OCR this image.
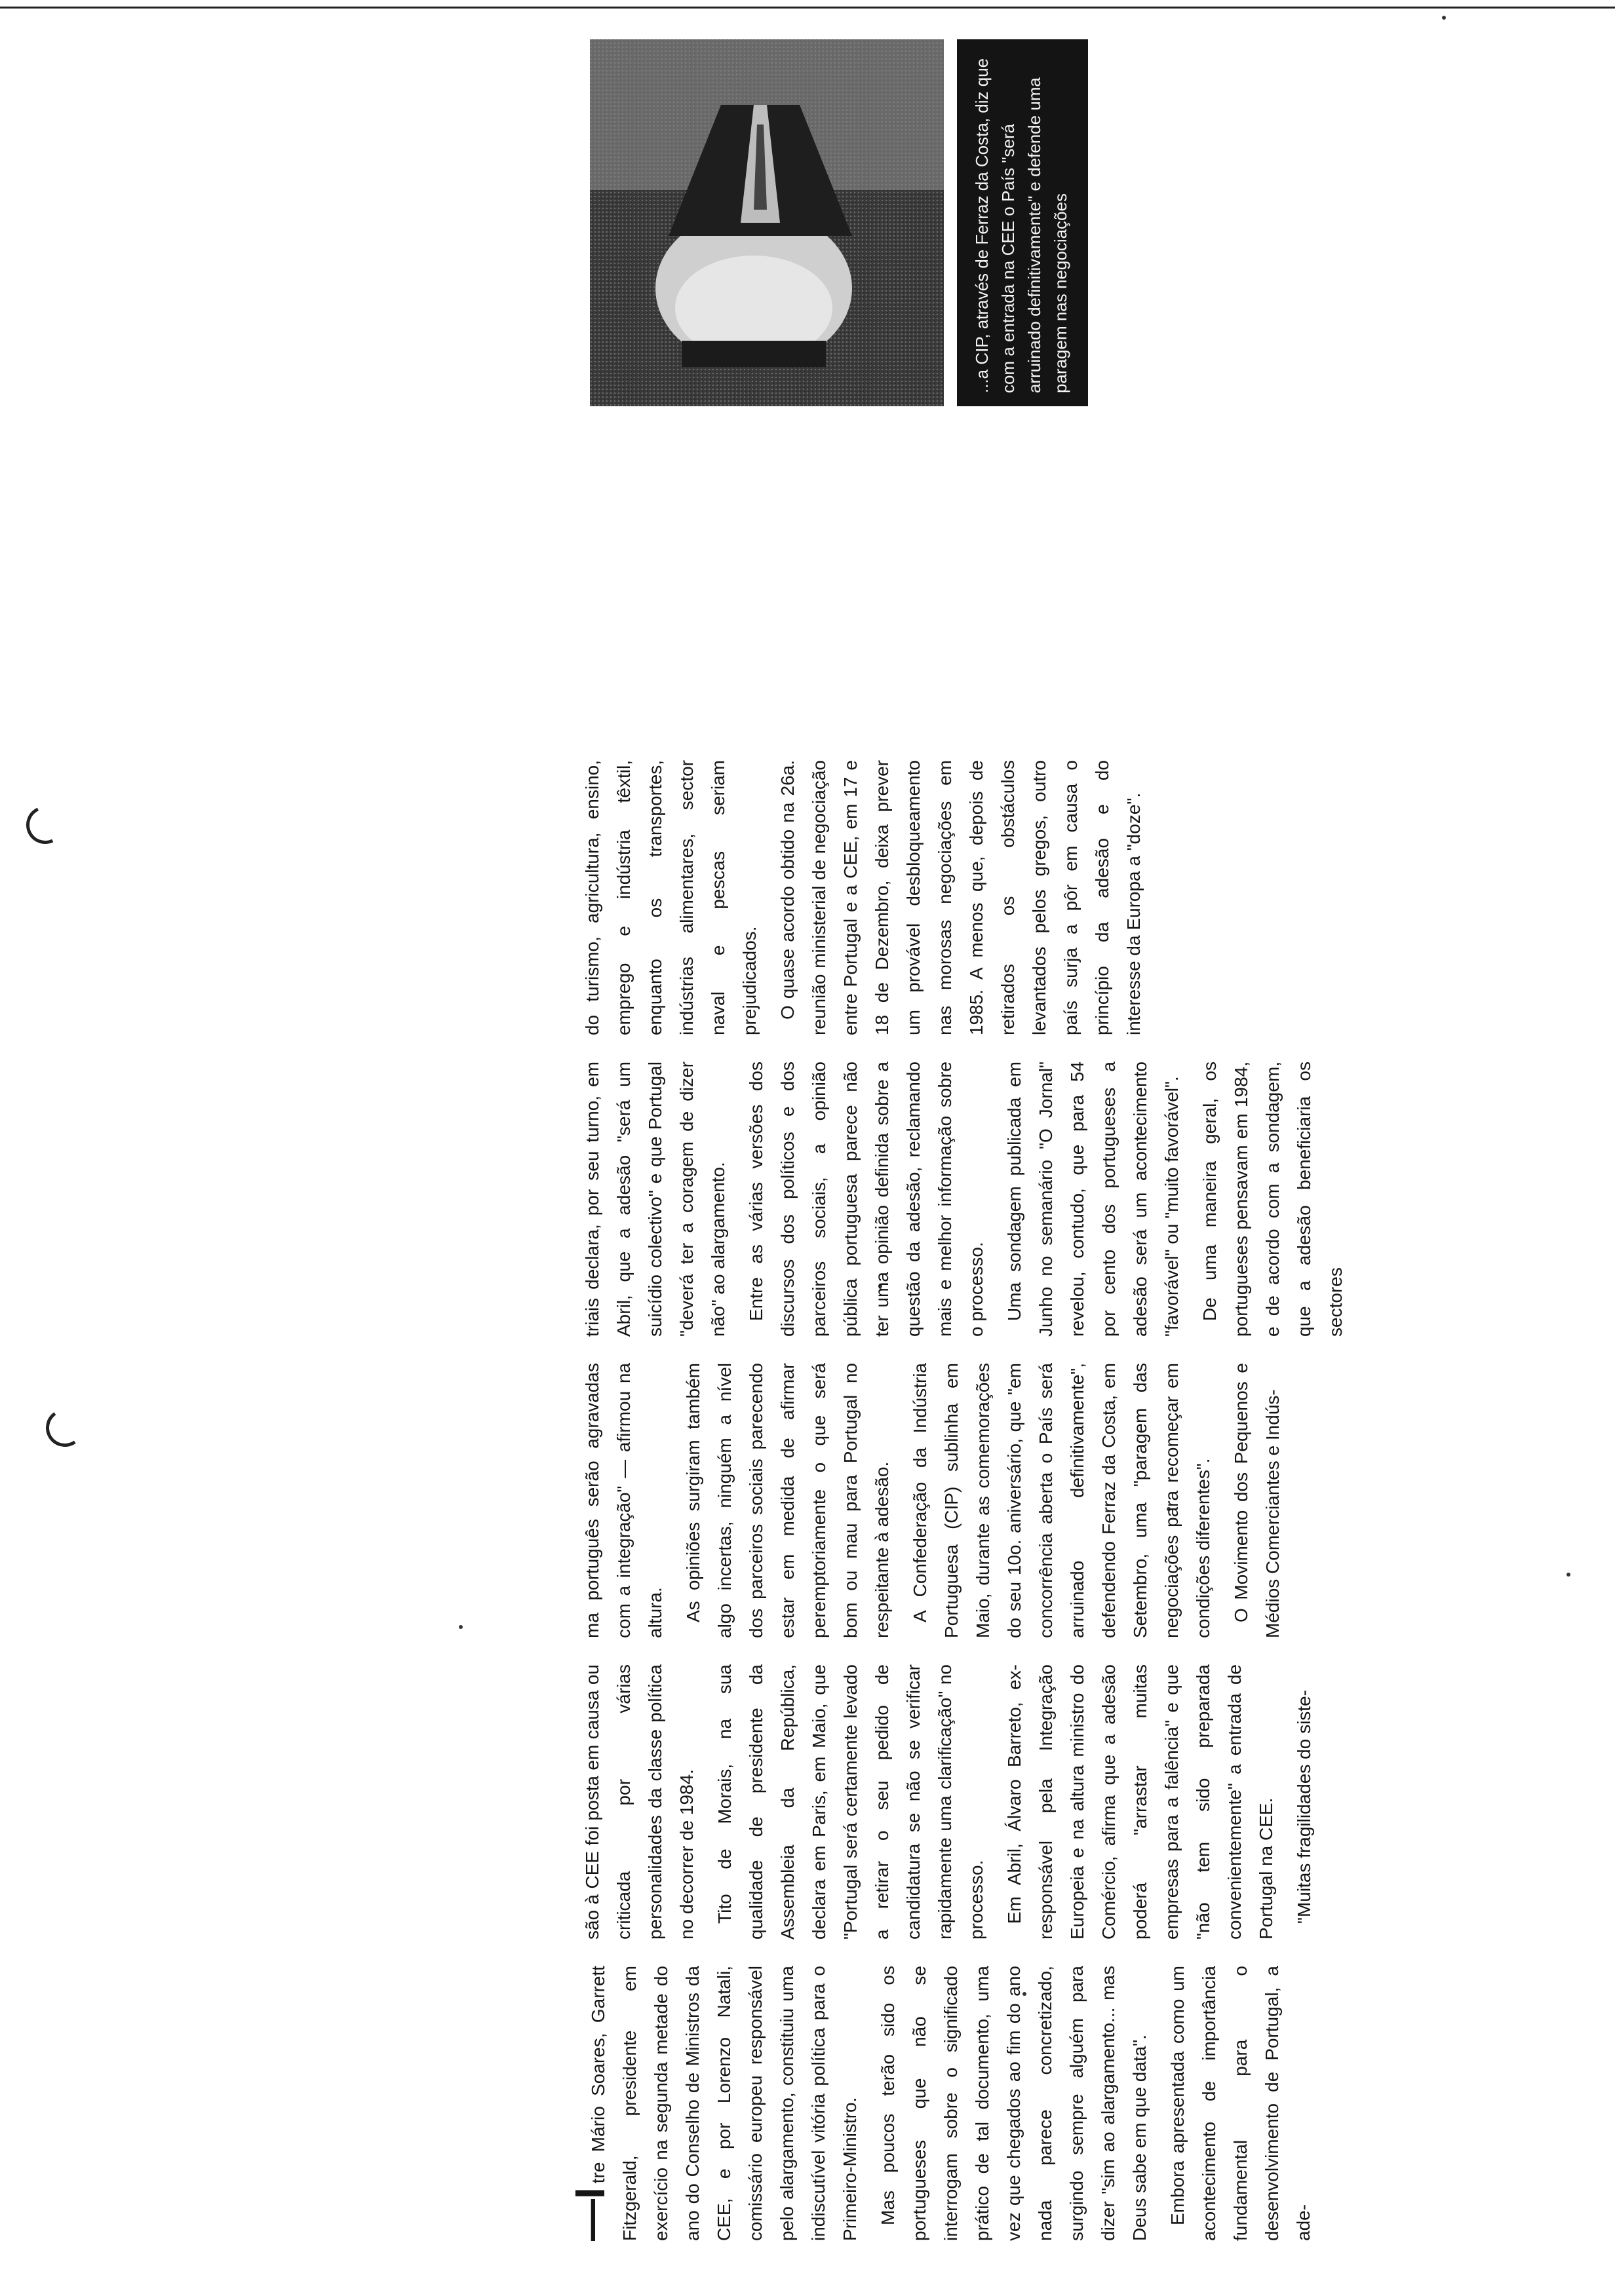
—Itre Mário Soares, Garrett Fitzgerald, presidente em exercício na segunda metade do ano do Conselho de Ministros da CEE, e por Lorenzo Natali, comissário europeu responsável pelo alargamento, constituiu uma indiscutível vitória política para o Primeiro-Ministro. Mas poucos terão sido os portugueses que não se interrogam sobre o significado prático de tal documento, uma vez que chegados ao fim do ano nada parece concretizado, surgindo sempre alguém para dizer "sim ao alargamento... mas Deus sabe em que data". Embora apresentada como um acontecimento de importância fundamental para o desenvolvimento de Portugal, a ade-

são à CEE foi posta em causa ou criticada por várias personalidades da classe política no decorrer de 1984. Tito de Morais, na sua qualidade de presidente da Assembleia da República, declara em Paris, em Maio, que "Portugal será certamente levado a retirar o seu pedido de candidatura se não se verificar rapidamente uma clarificação" no processo. Em Abril, Álvaro Barreto, ex-responsável pela Integração Europeia e na altura ministro do Comércio, afirma que a adesão poderá "arrastar muitas empresas para a falência" e que "não tem sido preparada convenientemente" a entrada de Portugal na CEE. "Muitas fragilidades do siste-

ma português serão agravadas com a integração" — afirmou na altura. As opiniões surgiram também algo incertas, ninguém a nível dos parceiros sociais parecendo estar em medida de afirmar peremptoriamente o que será bom ou mau para Portugal no respeitante à adesão. A Confederação da Indústria Portuguesa (CIP) sublinha em Maio, durante as comemorações do seu 10o. aniversário, que "em concorrência aberta o País será arruinado definitivamente", defendendo Ferraz da Costa, em Setembro, uma "paragem das negociações para recomeçar em condições diferentes". O Movimento dos Pequenos e Médios Comerciantes e Indús-

triais declara, por seu turno, em Abril, que a adesão "será um suicídio colectivo" e que Portugal "deverá ter a coragem de dizer não" ao alargamento. Entre as várias versões dos discursos dos políticos e dos parceiros sociais, a opinião pública portuguesa parece não ter uma opinião definida sobre a questão da adesão, reclamando mais e melhor informação sobre o processo. Uma sondagem publicada em Junho no semanário "O Jornal" revelou, contudo, que para 54 por cento dos portugueses a adesão será um acontecimento "favorável" ou "muito favorável". De uma maneira geral, os portugueses pensavam em 1984, e de acordo com a sondagem, que a adesão beneficiaria os sectores

do turismo, agricultura, ensino, emprego e indústria têxtil, enquanto os transportes, indústrias alimentares, sector naval e pescas seriam prejudicados. O quase acordo obtido na 26a. reunião ministerial de negociação entre Portugal e a CEE, em 17 e 18 de Dezembro, deixa prever um provável desbloqueamento nas morosas negociações em 1985. A menos que, depois de retirados os obstáculos levantados pelos gregos, outro país surja a pôr em causa o princípio da adesão e do interesse da Europa a "doze".

...a CIP, através de Ferraz da Costa, diz que com a entrada na CEE o País "será arruinado definitivamente" e defende uma paragem nas negociações
